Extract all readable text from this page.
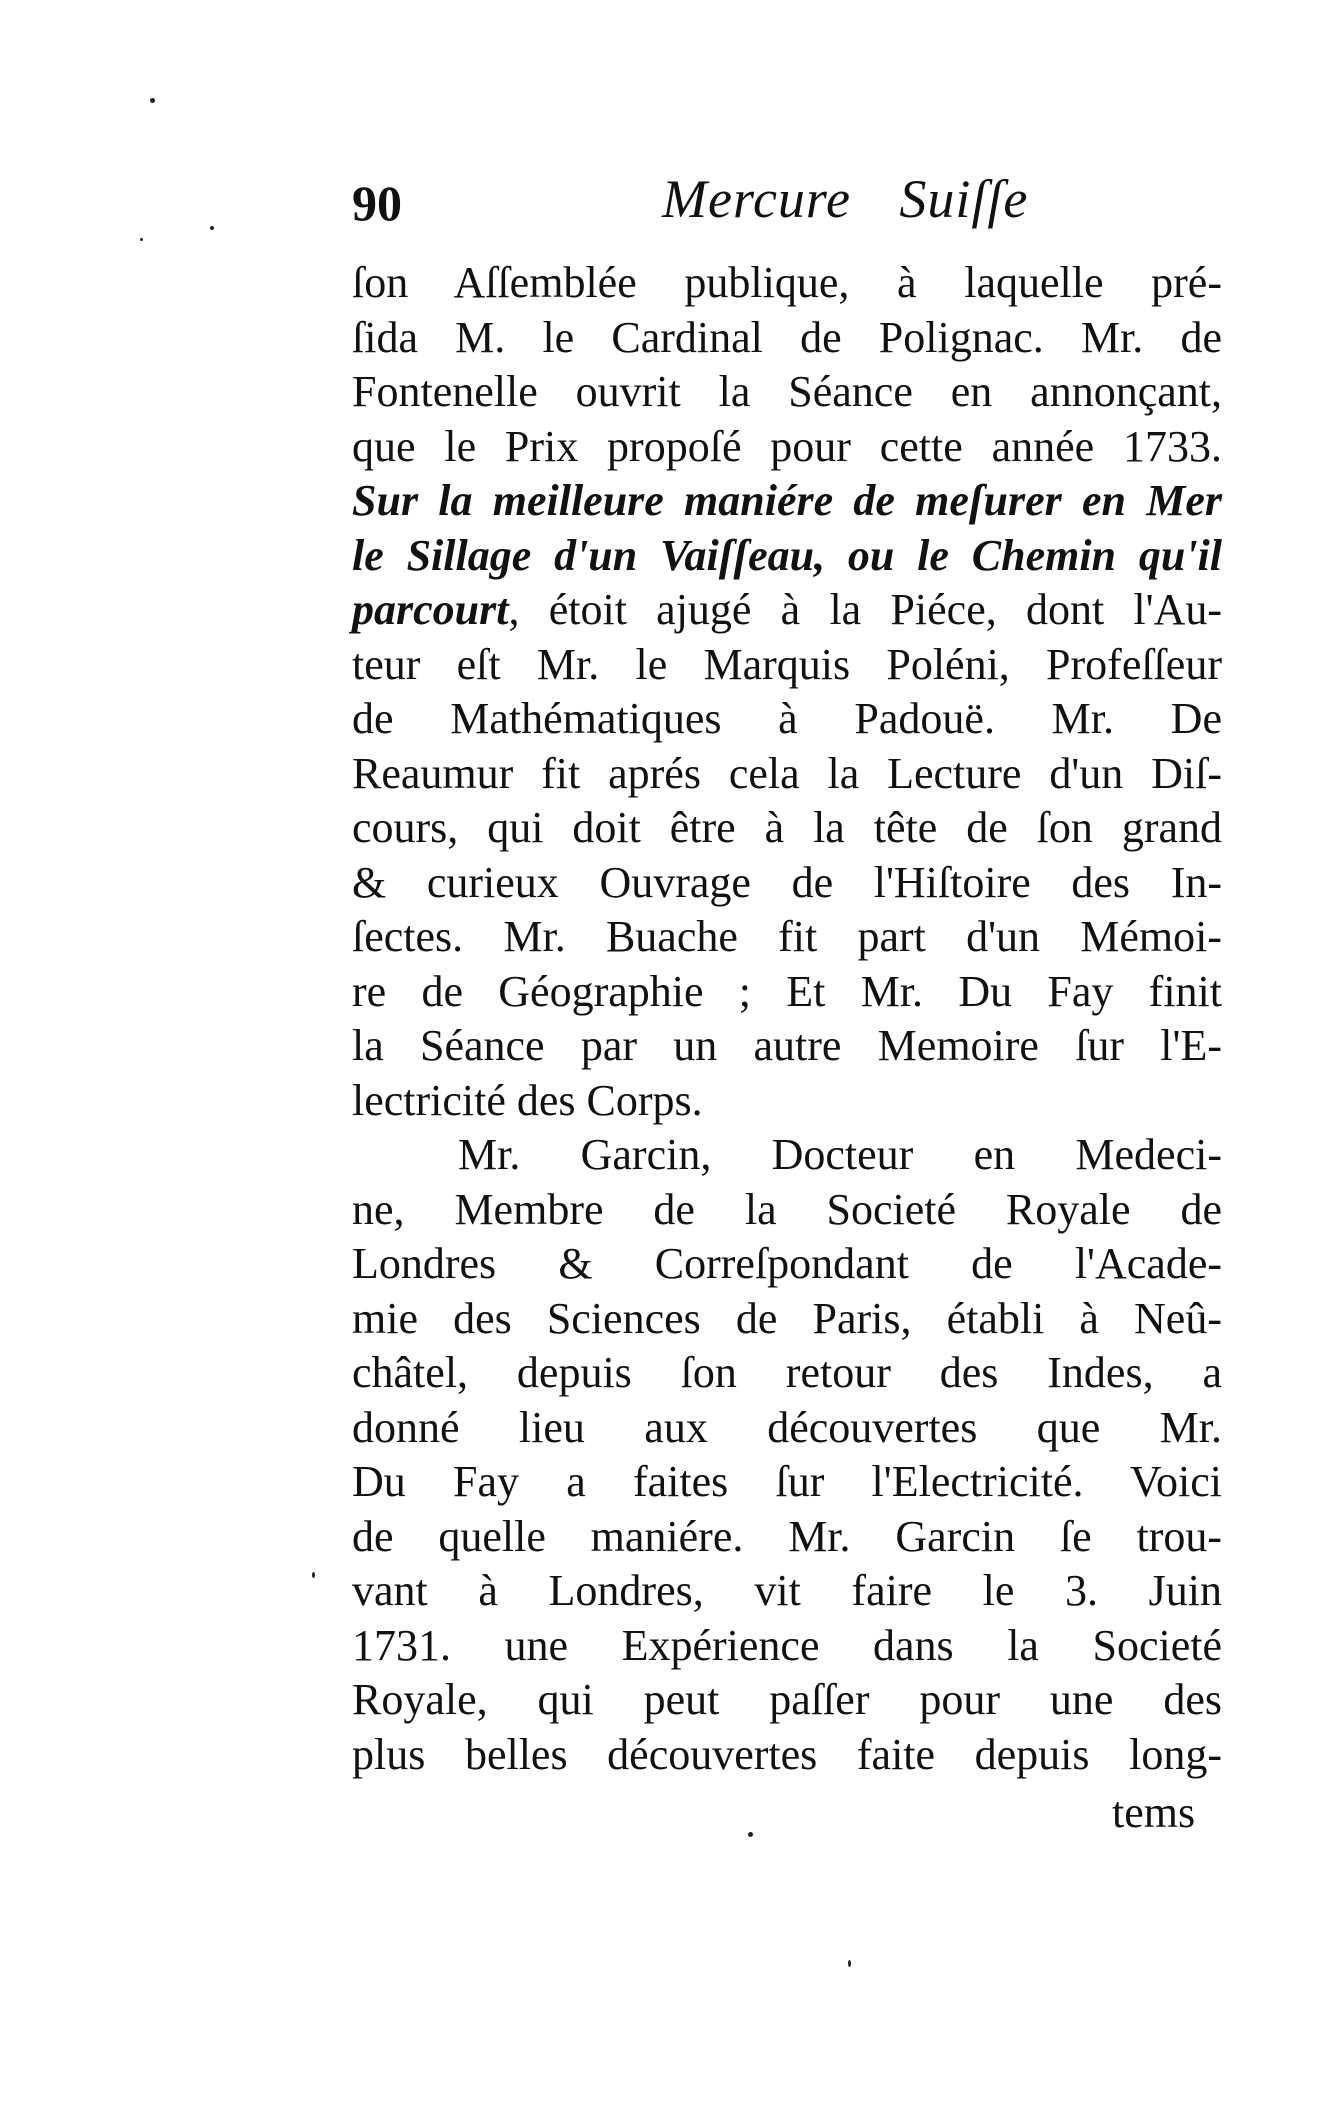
90	Mercure Suiſſe
ſon Aſſemblée publique, à laquelle pré-
ſida M. le Cardinal de Polignac. Mr. de
Fontenelle ouvrit la Séance en annonçant,
que le Prix propoſé pour cette année 1733.
Sur la meilleure maniére de meſurer en Mer
le Sillage d'un Vaiſſeau, ou le Chemin qu'il
parcourt, étoit ajugé à la Piéce, dont l'Au-
teur eſt Mr. le Marquis Poléni, Profeſſeur
de Mathématiques à Padouë. Mr. De
Reaumur fit aprés cela la Lecture d'un Diſ-
cours, qui doit être à la tête de ſon grand
& curieux Ouvrage de l'Hiſtoire des In-
ſectes. Mr. Buache fit part d'un Mémoi-
re de Géographie ; Et Mr. Du Fay finit
la Séance par un autre Memoire ſur l'E-
lectricité des Corps.
Mr. Garcin, Docteur en Medeci-
ne, Membre de la Societé Royale de
Londres & Correſpondant de l'Acade-
mie des Sciences de Paris, établi à Neû-
châtel, depuis ſon retour des Indes, a
donné lieu aux découvertes que Mr.
Du Fay a faites ſur l'Electricité. Voici
de quelle maniére. Mr. Garcin ſe trou-
vant à Londres, vit faire le 3. Juin
1731. une Expérience dans la Societé
Royale, qui peut paſſer pour une des
plus belles découvertes faite depuis long-
tems
